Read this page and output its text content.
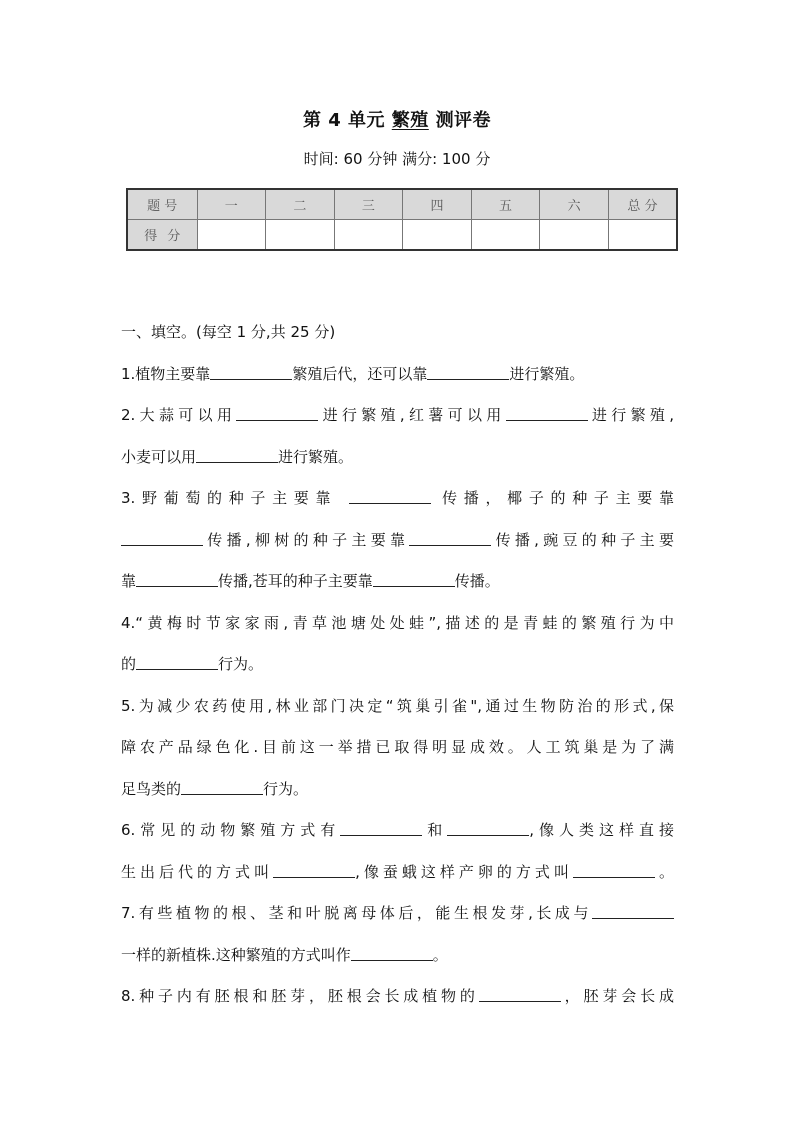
第 4 单元 繁殖 测评卷
时间: 60 分钟 满分: 100 分
题 号	一	二	三	四	五	六	总 分
得分							

一、填空。(每空 1 分,共 25 分)

1.植物主要靠	繁殖后代，还可以靠	进行繁殖。

2.大蒜可以用	进行繁殖,红薯可以用	进行繁殖,

小麦可以用	进行繁殖。

3.野葡萄的种子主要靠	传播，椰子的种子主要靠

传播,柳树的种子主要靠	传播,豌豆的种子主要

靠	传播,苍耳的种子主要靠	传播。

4.“黄梅时节家家雨,青草池塘处处蛙”,描述的是青蛙的繁殖行为中

的	行为。

5.为减少农药使用,林业部门决定“筑巢引雀",通过生物防治的形式,保

障农产品绿色化.目前这一举措已取得明显成效。人工筑巢是为了满

足鸟类的	行为。

6.常见的动物繁殖方式有	和	,像人类这样直接

生出后代的方式叫	,像蚕蛾这样产卵的方式叫	。

7.有些植物的根、茎和叶脱离母体后，能生根发芽,长成与

一样的新植株.这种繁殖的方式叫作	。

8.种子内有胚根和胚芽，胚根会长成植物的	，胚芽会长成
